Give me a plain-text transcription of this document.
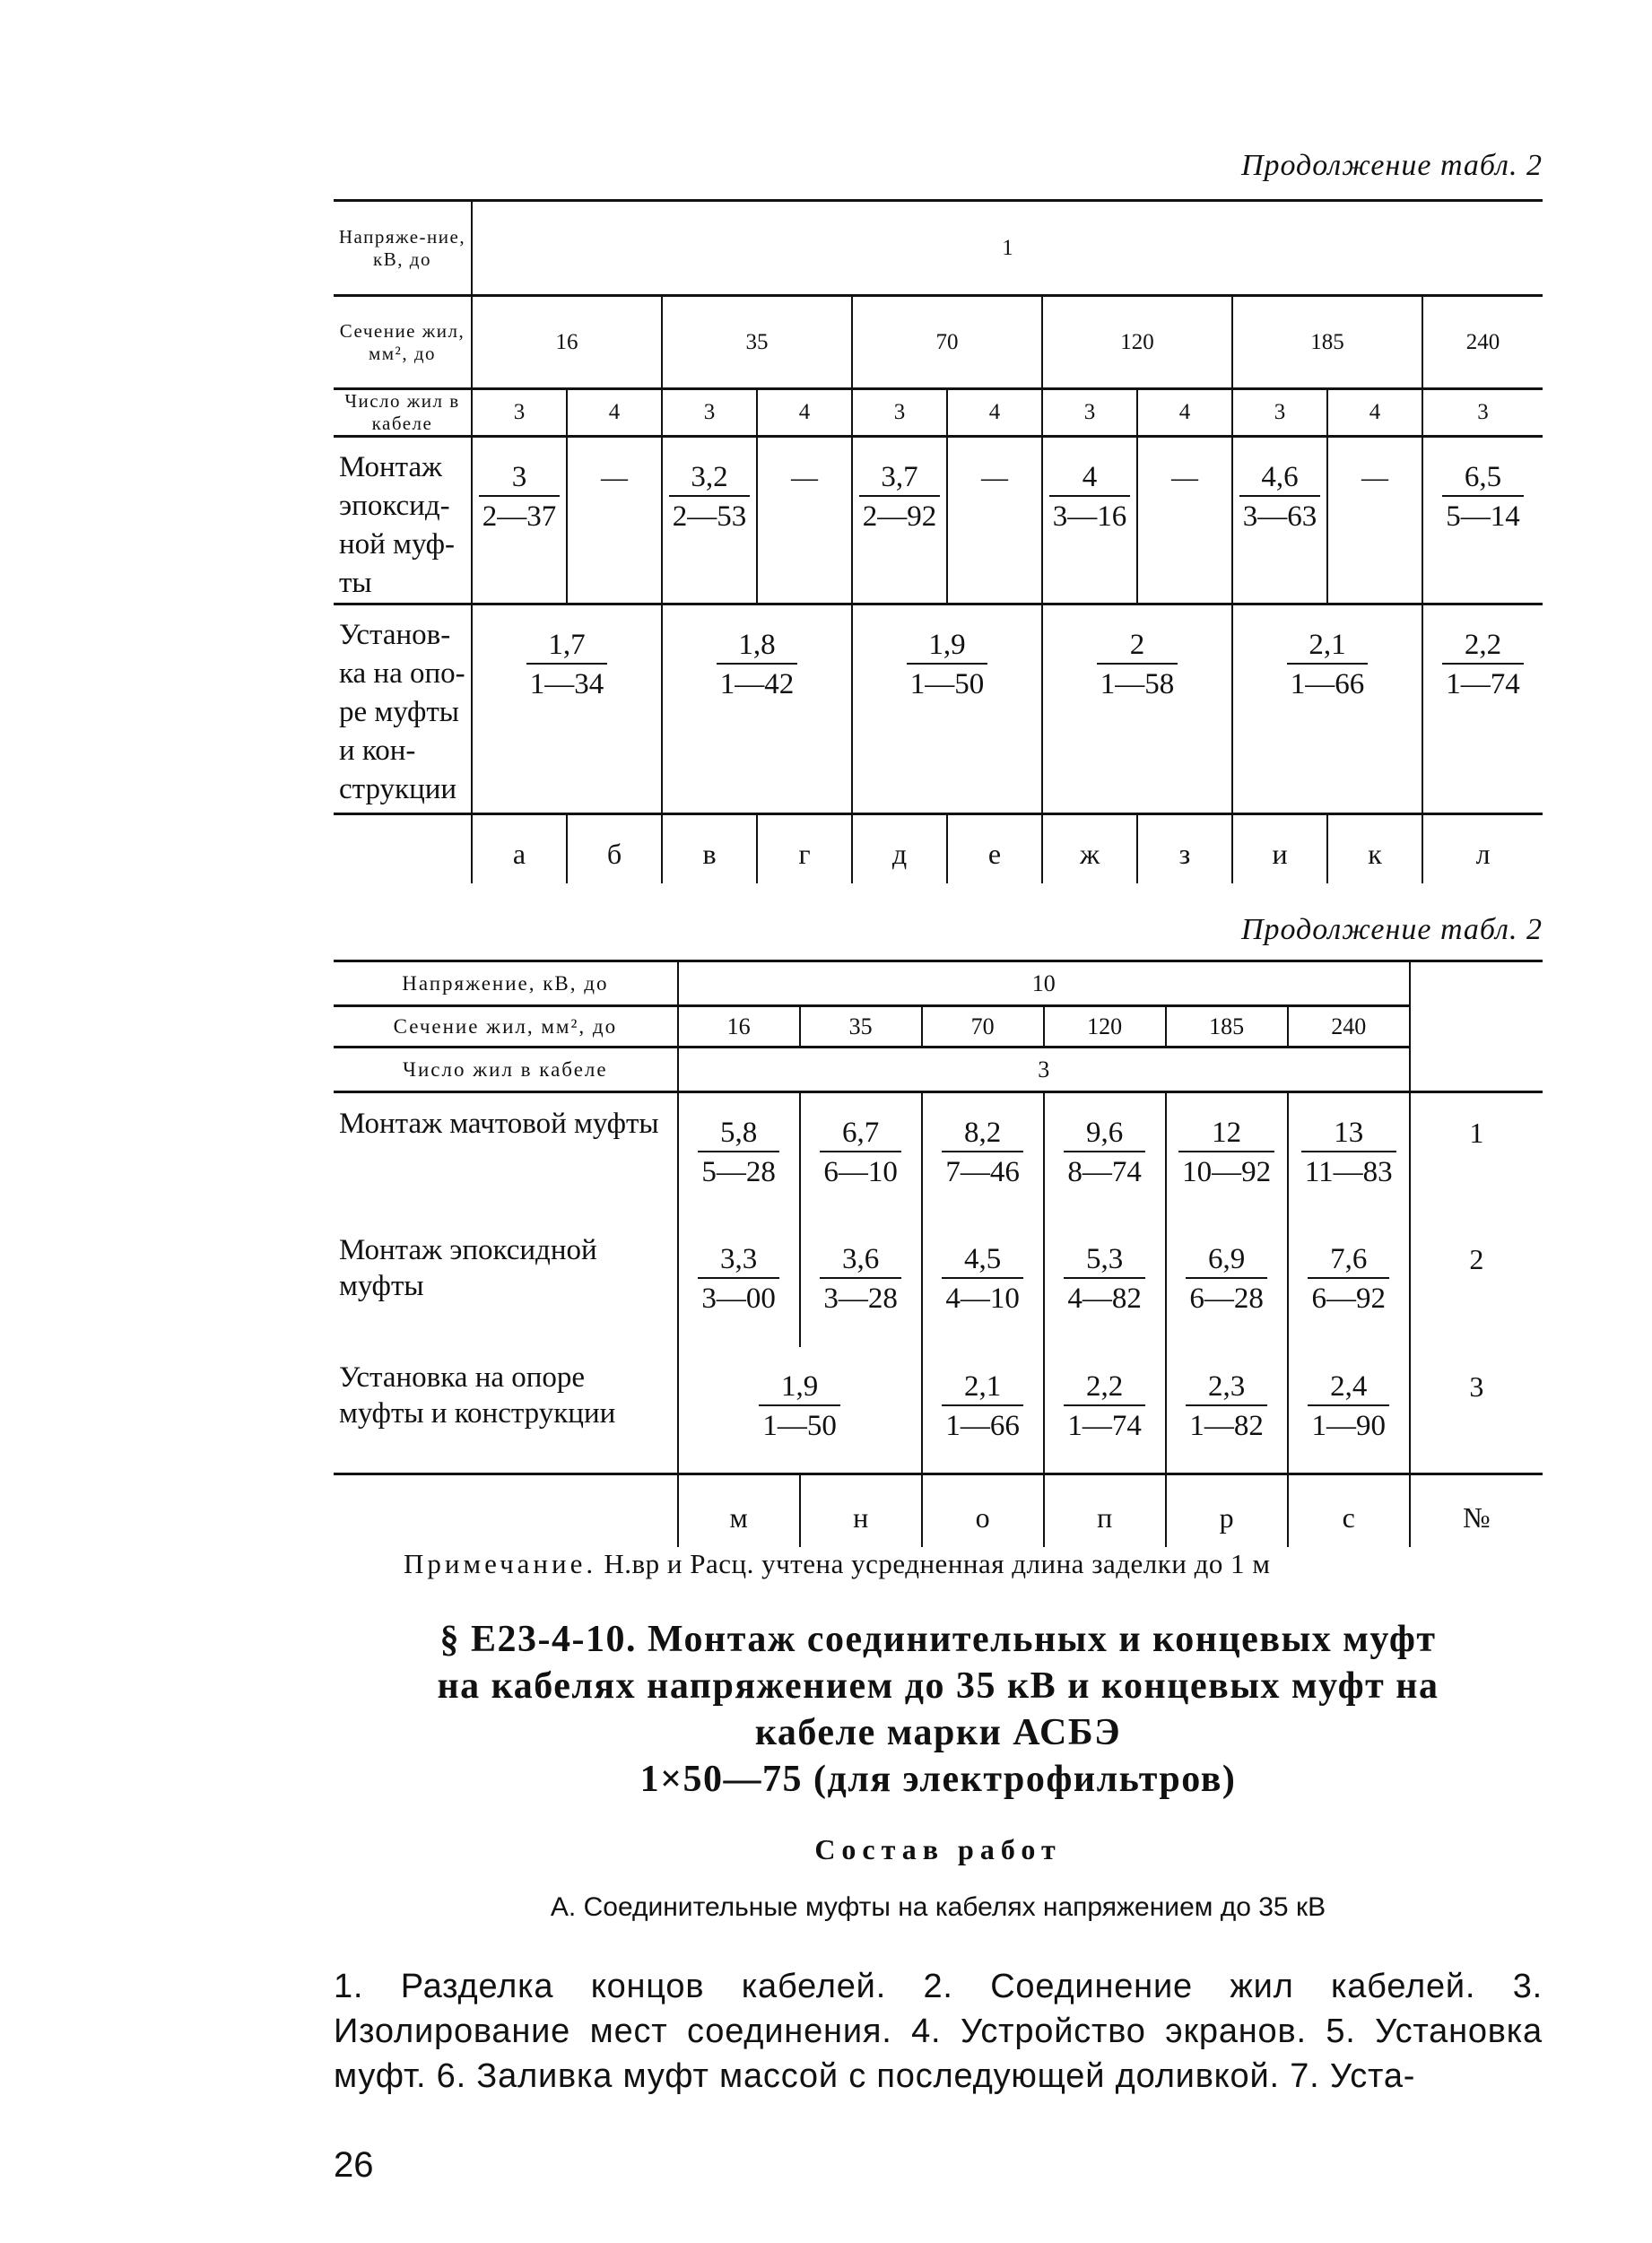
Продолжение табл. 2
Напряже-ние, кВ, до	1										
Сечение жил, мм², до	16		35		70		120		185		240
Число жил в кабеле	3	4	3	4	3	4	3	4	3	4	3
Монтаж эпоксид-ной муф-ты	$\frac{3}{2—37}$	—	$\frac{3,2}{2—53}$	—	$\frac{3,7}{2—92}$	—	$\frac{4}{3—16}$	—	$\frac{4,6}{3—63}$	—	$\frac{6,5}{5—14}$

Установ-ка на опо-ре муфты и кон-струкции	$\frac{1,7}{1—34}$		$\frac{1,8}{1—42}$		$\frac{1,9}{1—50}$		$\frac{2}{1—58}$		$\frac{2,1}{1—66}$		$\frac{2,2}{1—74}$

	а	б	в	г	д	е	ж	з	и	к	л
Продолжение табл. 2
Напряжение, кВ, до	10						
Сечение жил, мм², до	16	35	70	120	185	240	
Число жил в кабеле	3						
Монтаж мачтовой муфты	$\frac{5,8}{5—28}$	$\frac{6,7}{6—10}$	$\frac{8,2}{7—46}$	$\frac{9,6}{8—74}$	$\frac{12}{10—92}$	$\frac{13}{11—83}$	1
Монтаж эпоксидной муфты	$\frac{3,3}{3—00}$	$\frac{3,6}{3—28}$	$\frac{4,5}{4—10}$	$\frac{5,3}{4—82}$	$\frac{6,9}{6—28}$	$\frac{7,6}{6—92}$	2
Установка на опоре муфты и конструкции	$\frac{1,9}{1—50}$		$\frac{2,1}{1—66}$	$\frac{2,2}{1—74}$	$\frac{2,3}{1—82}$	$\frac{2,4}{1—90}$	3
	м	н	о	п	р	с	№
Примечание. Н.вр и Расц. учтена усредненная длина заделки до 1 м
§ Е23-4-10. Монтаж соединительных и концевых муфт
на кабелях напряжением до 35 кВ и концевых муфт на
кабеле марки АСБЭ
1×50—75 (для электрофильтров)
Состав работ
А. Соединительные муфты на кабелях напряжением до 35 кВ
1. Разделка концов кабелей. 2. Соединение жил кабелей. 3. Изолирование мест соединения. 4. Устройство экранов. 5. Установка муфт. 6. Заливка муфт массой с последующей доливкой. 7. Уста-
26
